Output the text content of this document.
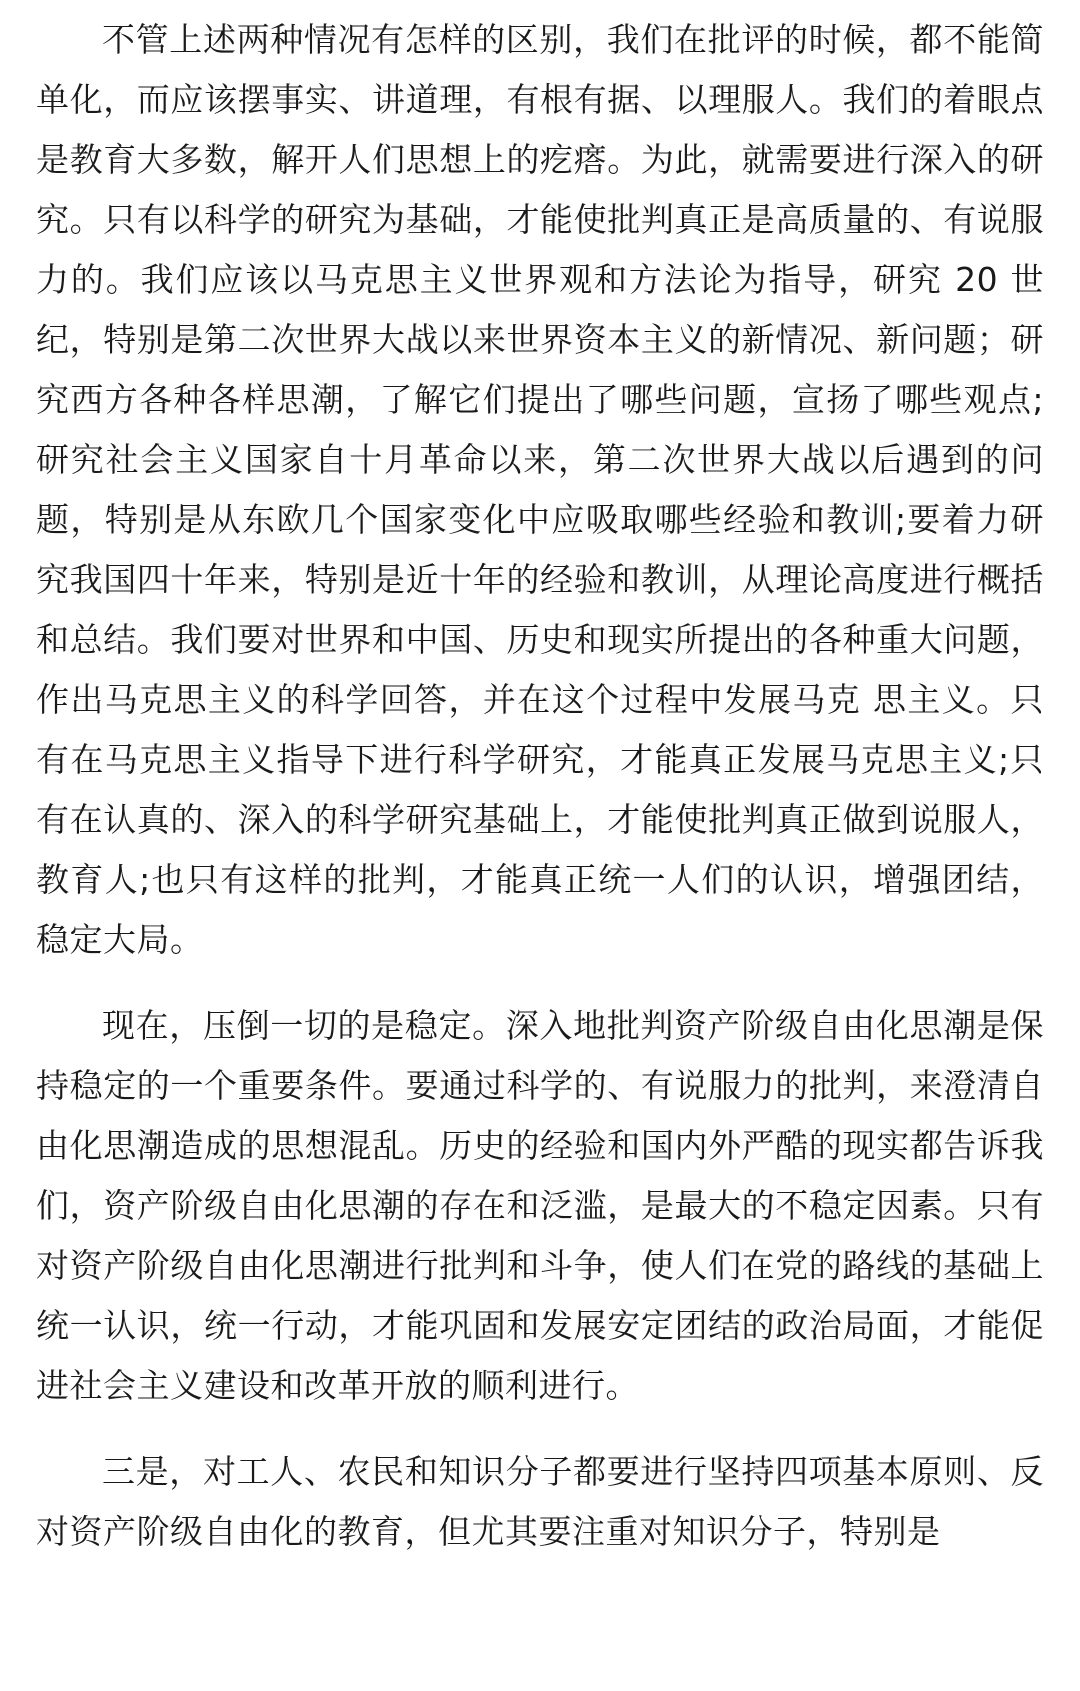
不管上述两种情况有怎样的区别，我们在批评的时候，都不能简单化，而应该摆事实、讲道理，有根有据、以理服人。我们的着眼点是教育大多数，解开人们思想上的疙瘩。为此，就需要进行深入的研究。只有以科学的研究为基础，才能使批判真正是高质量的、有说服力的。我们应该以马克思主义世界观和方法论为指导，研究 20 世纪，特别是第二次世界大战以来世界资本主义的新情况、新问题；研究西方各种各样思潮，了解它们提出了哪些问题，宣扬了哪些观点;研究社会主义国家自十月革命以来，第二次世界大战以后遇到的问题，特别是从东欧几个国家变化中应吸取哪些经验和教训;要着力研究我国四十年来，特别是近十年的经验和教训，从理论高度进行概括和总结。我们要对世界和中国、历史和现实所提出的各种重大问题，作出马克思主义的科学回答，并在这个过程中发展马克 思主义。只有在马克思主义指导下进行科学研究，才能真正发展马克思主义;只有在认真的、深入的科学研究基础上，才能使批判真正做到说服人，教育人;也只有这样的批判，才能真正统一人们的认识，增强团结，稳定大局。

现在，压倒一切的是稳定。深入地批判资产阶级自由化思潮是保持稳定的一个重要条件。要通过科学的、有说服力的批判，来澄清自由化思潮造成的思想混乱。历史的经验和国内外严酷的现实都告诉我们，资产阶级自由化思潮的存在和泛滥，是最大的不稳定因素。只有对资产阶级自由化思潮进行批判和斗争，使人们在党的路线的基础上统一认识，统一行动，才能巩固和发展安定团结的政治局面，才能促进社会主义建设和改革开放的顺利进行。

三是，对工人、农民和知识分子都要进行坚持四项基本原则、反对资产阶级自由化的教育，但尤其要注重对知识分子，特别是
